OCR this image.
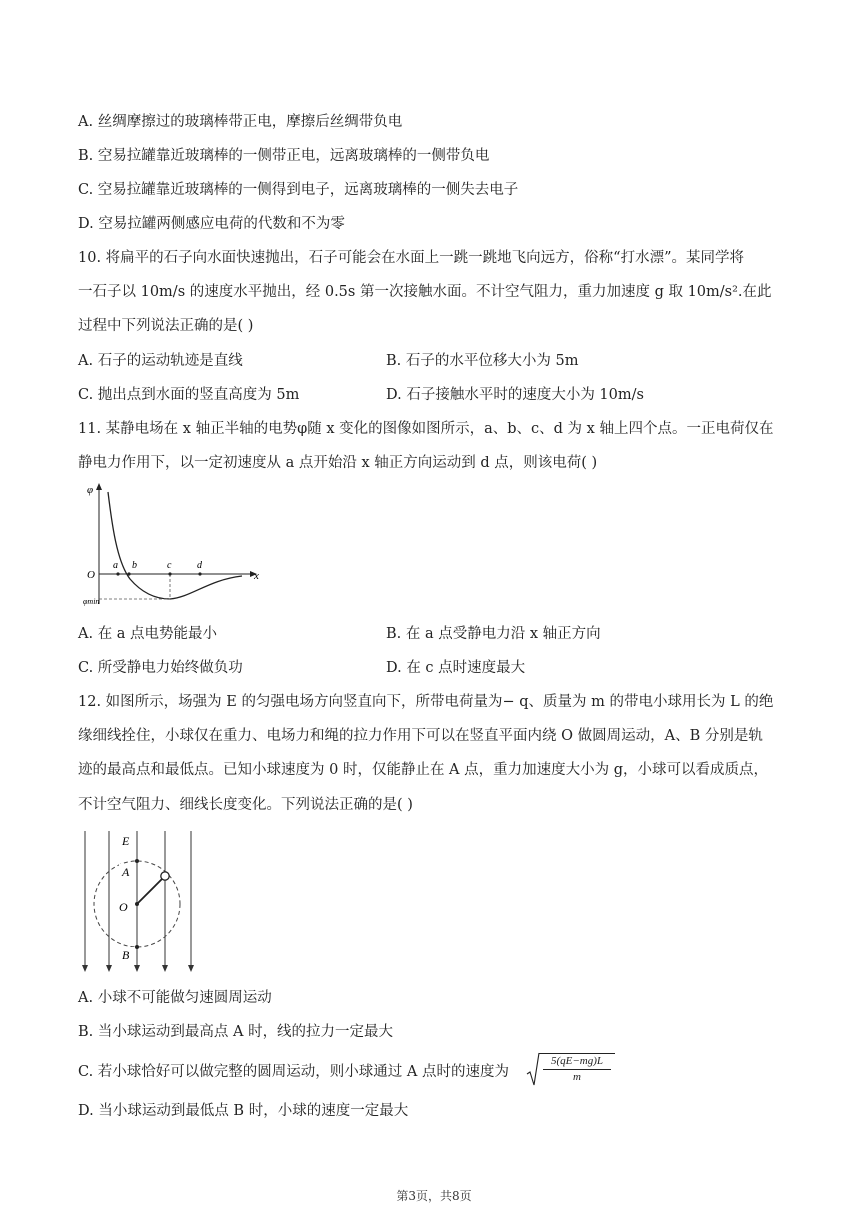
A. 丝绸摩擦过的玻璃棒带正电，摩擦后丝绸带负电
B. 空易拉罐靠近玻璃棒的一侧带正电，远离玻璃棒的一侧带负电
C. 空易拉罐靠近玻璃棒的一侧得到电子，远离玻璃棒的一侧失去电子
D. 空易拉罐两侧感应电荷的代数和不为零
10. 将扁平的石子向水面快速抛出，石子可能会在水面上一跳一跳地飞向远方，俗称“打水漂”。某同学将
一石子以 10m/s 的速度水平抛出，经 0.5s 第一次接触水面。不计空气阻力，重力加速度 g 取 10m/s².在此
过程中下列说法正确的是( )
A. 石子的运动轨迹是直线	B. 石子的水平位移大小为 5m
C. 抛出点到水面的竖直高度为 5m	D. 石子接触水平时的速度大小为 10m/s
11. 某静电场在 x 轴正半轴的电势φ随 x 变化的图像如图所示，a、b、c、d 为 x 轴上四个点。一正电荷仅在
静电力作用下，以一定初速度从 a 点开始沿 x 轴正方向运动到 d 点，则该电荷( )
φ
O	x
a b	c	d
φmin
A. 在 a 点电势能最小	B. 在 a 点受静电力沿 x 轴正方向
C. 所受静电力始终做负功	D. 在 c 点时速度最大
12. 如图所示，场强为 E 的匀强电场方向竖直向下，所带电荷量为− q、质量为 m 的带电小球用长为 L 的绝
缘细线拴住，小球仅在重力、电场力和绳的拉力作用下可以在竖直平面内绕 O 做圆周运动，A、B 分别是轨
迹的最高点和最低点。已知小球速度为 0 时，仅能静止在 A 点，重力加速度大小为 g，小球可以看成质点，
不计空气阻力、细线长度变化。下列说法正确的是( )
E
A
O
B
A. 小球不可能做匀速圆周运动
B. 当小球运动到最高点 A 时，线的拉力一定最大
C. 若小球恰好可以做完整的圆周运动，则小球通过 A 点时的速度为
5(qE−mg)L
m
D. 当小球运动到最低点 B 时，小球的速度一定最大
第3页，共8页
